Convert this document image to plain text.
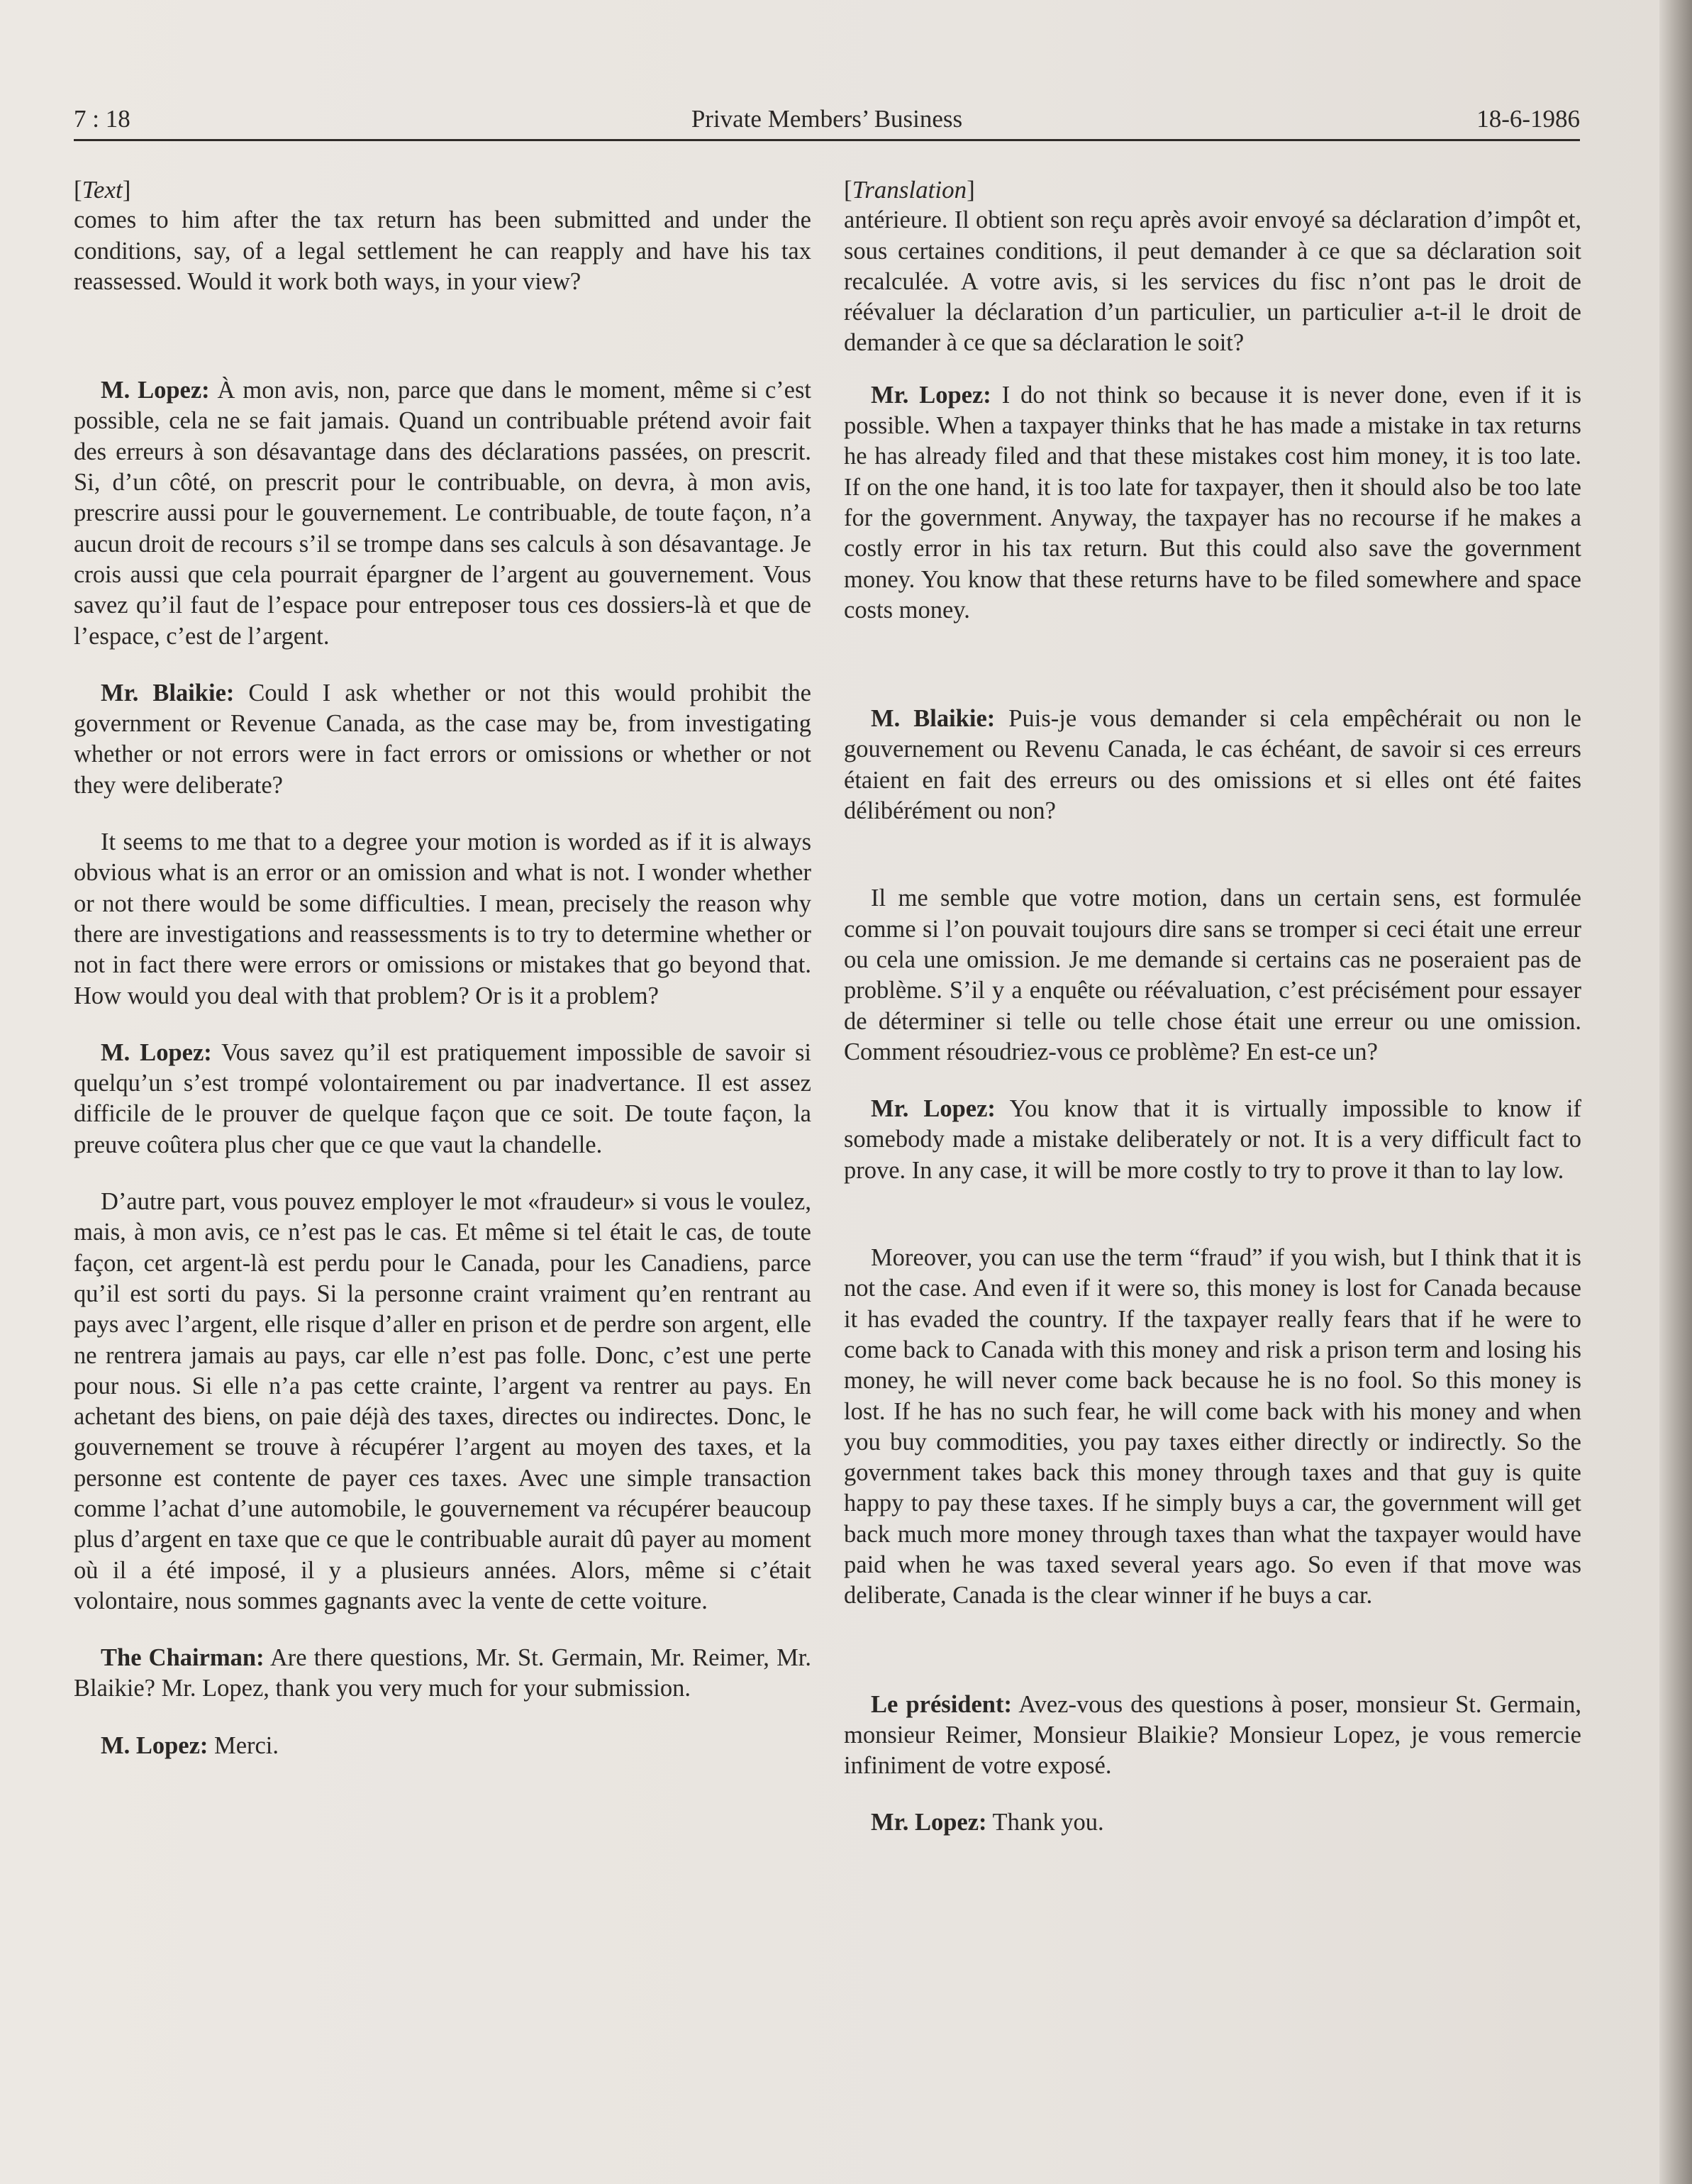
7 : 18	Private Members’ Business	18-6-1986
[Text]

comes to him after the tax return has been submitted and under the conditions, say, of a legal settlement he can reapply and have his tax reassessed. Would it work both ways, in your view?

M. Lopez: À mon avis, non, parce que dans le moment, même si c’est possible, cela ne se fait jamais. Quand un contribuable prétend avoir fait des erreurs à son désavantage dans des déclarations passées, on prescrit. Si, d’un côté, on prescrit pour le contribuable, on devra, à mon avis, prescrire aussi pour le gouvernement. Le contribuable, de toute façon, n’a aucun droit de recours s’il se trompe dans ses calculs à son désavantage. Je crois aussi que cela pourrait épargner de l’argent au gouvernement. Vous savez qu’il faut de l’espace pour entreposer tous ces dossiers-là et que de l’espace, c’est de l’argent.

Mr. Blaikie: Could I ask whether or not this would prohibit the government or Revenue Canada, as the case may be, from investigating whether or not errors were in fact errors or omissions or whether or not they were deliberate?

It seems to me that to a degree your motion is worded as if it is always obvious what is an error or an omission and what is not. I wonder whether or not there would be some difficulties. I mean, precisely the reason why there are investigations and reassessments is to try to determine whether or not in fact there were errors or omissions or mistakes that go beyond that. How would you deal with that problem? Or is it a problem?

M. Lopez: Vous savez qu’il est pratiquement impossible de savoir si quelqu’un s’est trompé volontairement ou par inadvertance. Il est assez difficile de le prouver de quelque façon que ce soit. De toute façon, la preuve coûtera plus cher que ce que vaut la chandelle.

D’autre part, vous pouvez employer le mot «fraudeur» si vous le voulez, mais, à mon avis, ce n’est pas le cas. Et même si tel était le cas, de toute façon, cet argent-là est perdu pour le Canada, pour les Canadiens, parce qu’il est sorti du pays. Si la personne craint vraiment qu’en rentrant au pays avec l’argent, elle risque d’aller en prison et de perdre son argent, elle ne rentrera jamais au pays, car elle n’est pas folle. Donc, c’est une perte pour nous. Si elle n’a pas cette crainte, l’argent va rentrer au pays. En achetant des biens, on paie déjà des taxes, directes ou indirectes. Donc, le gouvernement se trouve à récupérer l’argent au moyen des taxes, et la personne est contente de payer ces taxes. Avec une simple transaction comme l’achat d’une automobile, le gouvernement va récupérer beaucoup plus d’argent en taxe que ce que le contribuable aurait dû payer au moment où il a été imposé, il y a plusieurs années. Alors, même si c’était volontaire, nous sommes gagnants avec la vente de cette voiture.

The Chairman: Are there questions, Mr. St. Germain, Mr. Reimer, Mr. Blaikie? Mr. Lopez, thank you very much for your submission.

M. Lopez: Merci.

[Translation]

antérieure. Il obtient son reçu après avoir envoyé sa déclaration d’impôt et, sous certaines conditions, il peut demander à ce que sa déclaration soit recalculée. A votre avis, si les services du fisc n’ont pas le droit de réévaluer la déclaration d’un particulier, un particulier a-t-il le droit de demander à ce que sa déclaration le soit?

Mr. Lopez: I do not think so because it is never done, even if it is possible. When a taxpayer thinks that he has made a mistake in tax returns he has already filed and that these mistakes cost him money, it is too late. If on the one hand, it is too late for taxpayer, then it should also be too late for the government. Anyway, the taxpayer has no recourse if he makes a costly error in his tax return. But this could also save the government money. You know that these returns have to be filed somewhere and space costs money.

M. Blaikie: Puis-je vous demander si cela empêchérait ou non le gouvernement ou Revenu Canada, le cas échéant, de savoir si ces erreurs étaient en fait des erreurs ou des omissions et si elles ont été faites délibérément ou non?

Il me semble que votre motion, dans un certain sens, est formulée comme si l’on pouvait toujours dire sans se tromper si ceci était une erreur ou cela une omission. Je me demande si certains cas ne poseraient pas de problème. S’il y a enquête ou réévaluation, c’est précisément pour essayer de déterminer si telle ou telle chose était une erreur ou une omission. Comment résoudriez-vous ce problème? En est-ce un?

Mr. Lopez: You know that it is virtually impossible to know if somebody made a mistake deliberately or not. It is a very difficult fact to prove. In any case, it will be more costly to try to prove it than to lay low.

Moreover, you can use the term “fraud” if you wish, but I think that it is not the case. And even if it were so, this money is lost for Canada because it has evaded the country. If the taxpayer really fears that if he were to come back to Canada with this money and risk a prison term and losing his money, he will never come back because he is no fool. So this money is lost. If he has no such fear, he will come back with his money and when you buy commodities, you pay taxes either directly or indirectly. So the government takes back this money through taxes and that guy is quite happy to pay these taxes. If he simply buys a car, the government will get back much more money through taxes than what the taxpayer would have paid when he was taxed several years ago. So even if that move was deliberate, Canada is the clear winner if he buys a car.

Le président: Avez-vous des questions à poser, monsieur St. Germain, monsieur Reimer, Monsieur Blaikie? Monsieur Lopez, je vous remercie infiniment de votre exposé.

Mr. Lopez: Thank you.
